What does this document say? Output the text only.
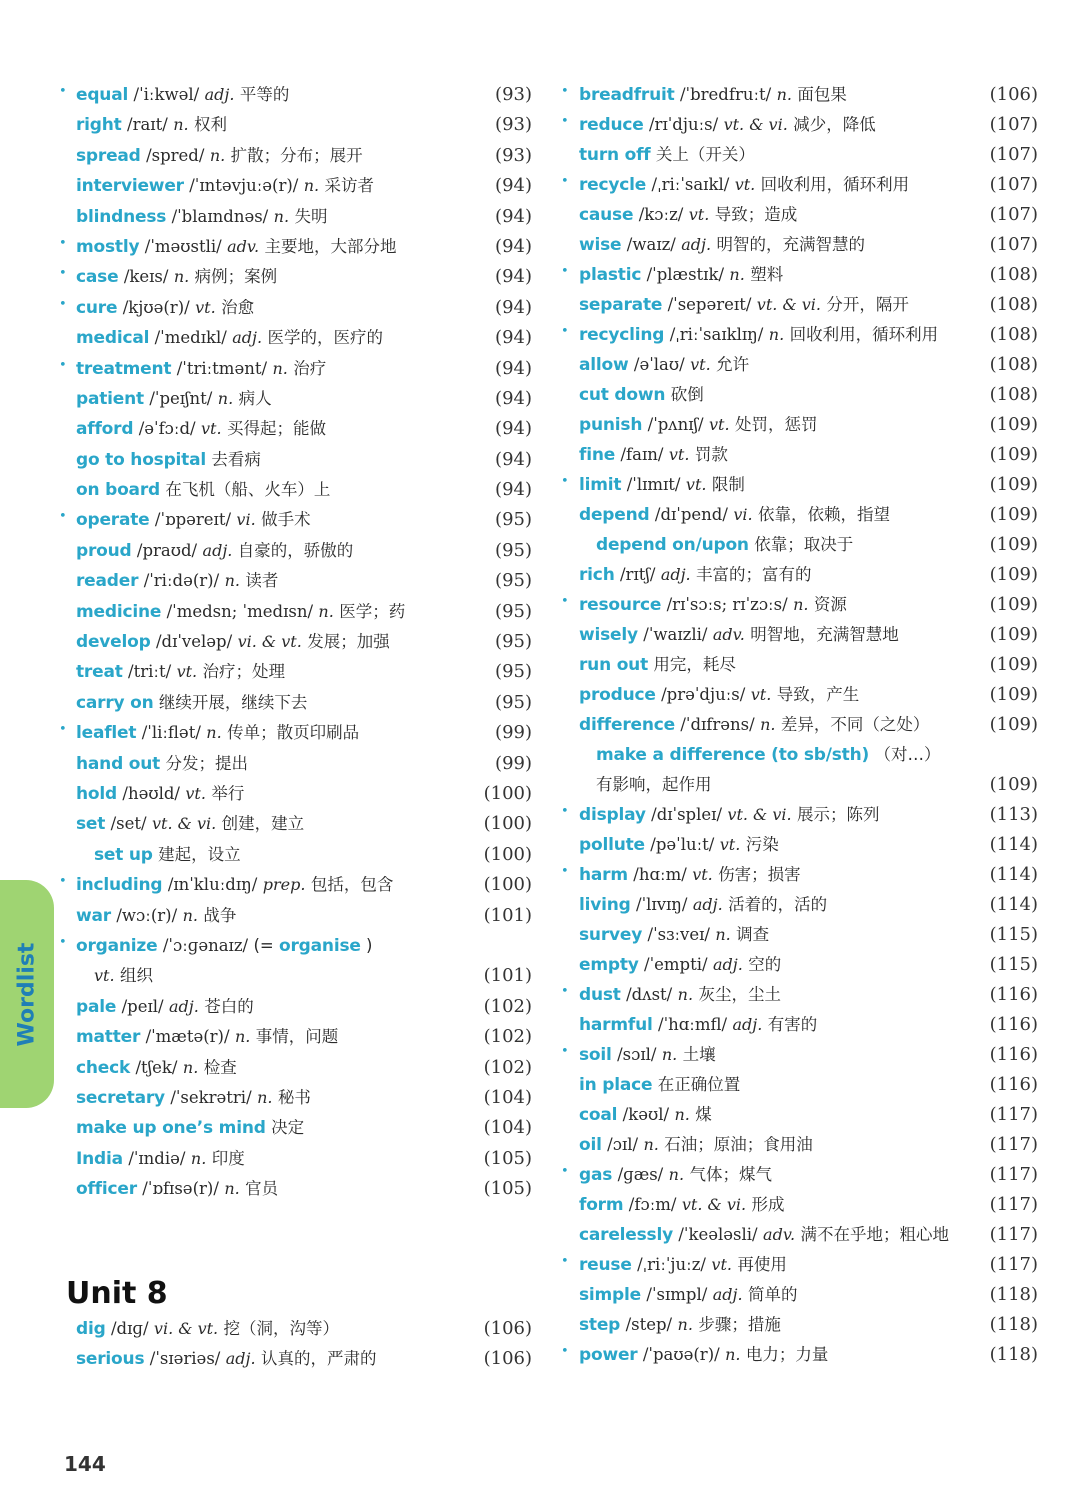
Wordlist
• equal /ˈiːkwəl/ adj. 平等的	(93)
right /raɪt/ n. 权利	(93)
spread /spred/ n. 扩散；分布；展开	(93)
interviewer /ˈɪntəvjuːə(r)/ n. 采访者	(94)
blindness /ˈblaɪndnəs/ n. 失明	(94)
• mostly /ˈməʊstli/ adv. 主要地，大部分地	(94)
• case /keɪs/ n. 病例；案例	(94)
• cure /kjʊə(r)/ vt. 治愈	(94)
medical /ˈmedɪkl/ adj. 医学的，医疗的	(94)
• treatment /ˈtriːtmənt/ n. 治疗	(94)
patient /ˈpeɪʃnt/ n. 病人	(94)
afford /əˈfɔːd/ vt. 买得起；能做	(94)
go to hospital 去看病	(94)
on board 在飞机（船、火车）上	(94)
• operate /ˈɒpəreɪt/ vi. 做手术	(95)
proud /praʊd/ adj. 自豪的，骄傲的	(95)
reader /ˈriːdə(r)/ n. 读者	(95)
medicine /ˈmedsn; ˈmedɪsn/ n. 医学；药	(95)
develop /dɪˈveləp/ vi. & vt. 发展；加强	(95)
treat /triːt/ vt. 治疗；处理	(95)
carry on 继续开展，继续下去	(95)
• leaflet /ˈliːflət/ n. 传单；散页印刷品	(99)
hand out 分发；提出	(99)
hold /həʊld/ vt. 举行	(100)
set /set/ vt. & vi. 创建，建立	(100)
set up 建起，设立	(100)
• including /ɪnˈkluːdɪŋ/ prep. 包括，包含	(100)
war /wɔː(r)/ n. 战争	(101)
• organize /ˈɔːɡənaɪz/ (= organise )
vt. 组织	(101)
pale /peɪl/ adj. 苍白的	(102)
matter /ˈmætə(r)/ n. 事情，问题	(102)
check /tʃek/ n. 检查	(102)
secretary /ˈsekrətri/ n. 秘书	(104)
make up one’s mind 决定	(104)
India /ˈɪndiə/ n. 印度	(105)
officer /ˈɒfɪsə(r)/ n. 官员	(105)
• breadfruit /ˈbredfruːt/ n. 面包果	(106)
• reduce /rɪˈdjuːs/ vt. & vi. 减少，降低	(107)
turn off 关上（开关）	(107)
• recycle /ˌriːˈsaɪkl/ vt. 回收利用，循环利用	(107)
cause /kɔːz/ vt. 导致；造成	(107)
wise /waɪz/ adj. 明智的，充满智慧的	(107)
• plastic /ˈplæstɪk/ n. 塑料	(108)
separate /ˈsepəreɪt/ vt. & vi. 分开，隔开	(108)
• recycling /ˌriːˈsaɪklɪŋ/ n. 回收利用，循环利用	(108)
allow /əˈlaʊ/ vt. 允许	(108)
cut down 砍倒	(108)
punish /ˈpʌnɪʃ/ vt. 处罚，惩罚	(109)
fine /faɪn/ vt. 罚款	(109)
• limit /ˈlɪmɪt/ vt. 限制	(109)
depend /dɪˈpend/ vi. 依靠，依赖，指望	(109)
depend on/upon 依靠；取决于	(109)
rich /rɪtʃ/ adj. 丰富的；富有的	(109)
• resource /rɪˈsɔːs; rɪˈzɔːs/ n. 资源	(109)
wisely /ˈwaɪzli/ adv. 明智地，充满智慧地	(109)
run out 用完，耗尽	(109)
produce /prəˈdjuːs/ vt. 导致，产生	(109)
difference /ˈdɪfrəns/ n. 差异，不同（之处）	(109)
make a difference (to sb/sth) （对…）
有影响，起作用	(109)
• display /dɪˈspleɪ/ vt. & vi. 展示；陈列	(113)
pollute /pəˈluːt/ vt. 污染	(114)
• harm /hɑːm/ vt. 伤害；损害	(114)
living /ˈlɪvɪŋ/ adj. 活着的，活的	(114)
survey /ˈsɜːveɪ/ n. 调查	(115)
empty /ˈempti/ adj. 空的	(115)
• dust /dʌst/ n. 灰尘，尘土	(116)
harmful /ˈhɑːmfl/ adj. 有害的	(116)
• soil /sɔɪl/ n. 土壤	(116)
in place 在正确位置	(116)
coal /kəʊl/ n. 煤	(117)
oil /ɔɪl/ n. 石油；原油；食用油	(117)
• gas /ɡæs/ n. 气体；煤气	(117)
form /fɔːm/ vt. & vi. 形成	(117)
carelessly /ˈkeələsli/ adv. 满不在乎地；粗心地 (117)
• reuse /ˌriːˈjuːz/ vt. 再使用	(117)
simple /ˈsɪmpl/ adj. 简单的	(118)
step /step/ n. 步骤；措施	(118)
• power /ˈpaʊə(r)/ n. 电力；力量	(118)
Unit 8
dig /dɪɡ/ vi. & vt. 挖（洞，沟等）	(106)
serious /ˈsɪəriəs/ adj. 认真的，严肃的	(106)
144
